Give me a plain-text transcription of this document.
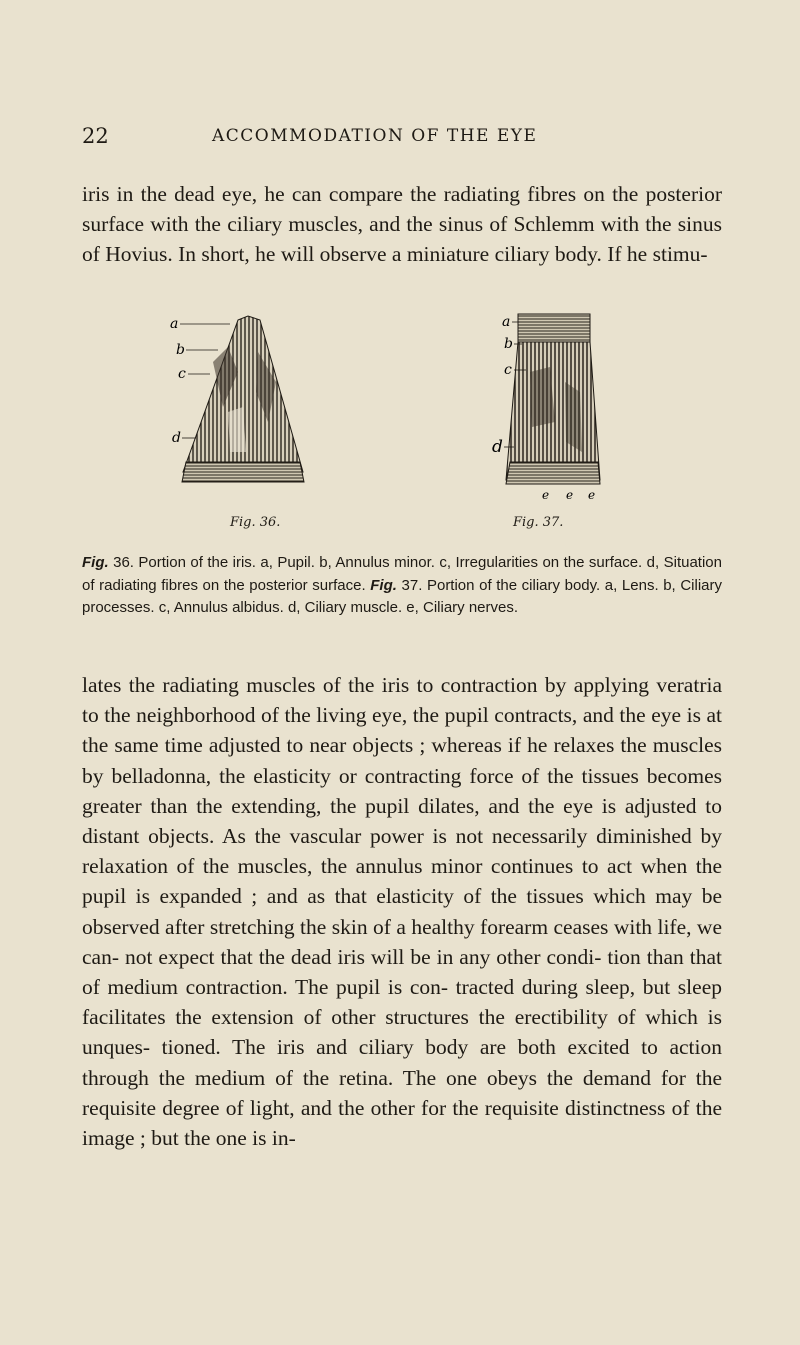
22	ACCOMMODATION OF THE EYE
iris in the dead eye, he can compare the radiating fibres on the posterior surface with the ciliary muscles, and the sinus of Schlemm with the sinus of Hovius. In short, he will observe a miniature ciliary body. If he stimu-
a
b
c
d
a
b
c
d
e e e
Fig. 36.	Fig. 37.
Fig. 36. Portion of the iris. a, Pupil. b, Annulus minor. c, Irregularities on the surface. d, Situation of radiating fibres on the posterior surface. Fig. 37. Portion of the ciliary body. a, Lens. b, Ciliary processes. c, Annulus albidus. d, Ciliary muscle. e, Ciliary nerves.
lates the radiating muscles of the iris to contraction by applying veratria to the neighborhood of the living eye, the pupil contracts, and the eye is at the same time adjusted to near objects ; whereas if he relaxes the muscles by belladonna, the elasticity or contracting force of the tissues becomes greater than the extending, the pupil dilates, and the eye is adjusted to distant objects. As the vascular power is not necessarily diminished by relaxation of the muscles, the annulus minor continues to act when the pupil is expanded ; and as that elasticity of the tissues which may be observed after stretching the skin of a healthy forearm ceases with life, we can- not expect that the dead iris will be in any other condi- tion than that of medium contraction. The pupil is con- tracted during sleep, but sleep facilitates the extension of other structures the erectibility of which is unques- tioned. The iris and ciliary body are both excited to action through the medium of the retina. The one obeys the demand for the requisite degree of light, and the other for the requisite distinctness of the image ; but the one is in-
